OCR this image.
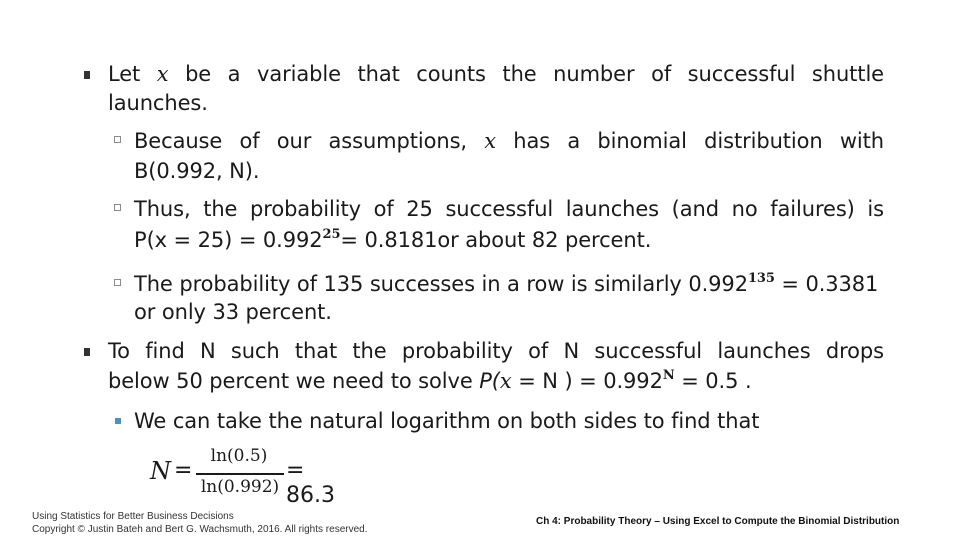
Let x be a variable that counts the number of successful shuttle
launches.
Because of our assumptions, x has a binomial distribution with
B(0.992, N).
Thus, the probability of 25 successful launches (and no failures) is
$P(x = 25) = 0.992^{25}= 0.8181or$ about 82 percent.
The probability of 135 successes in a row is similarly $0.992^{135} = 0.3381$
or only 33 percent.
To find N such that the probability of N successful launches drops
below 50 percent we need to solve P(x = N ) = $0.992^N = 0.5$ .
We can take the natural logarithm on both sides to find that
N =
ln(0.5)
ln(0.992)
= 86.3
Using Statistics for Better Business Decisions
Copyright © Justin Bateh and Bert G. Wachsmuth, 2016. All rights reserved.
Ch 4: Probability Theory – Using Excel to Compute the Binomial Distribution
